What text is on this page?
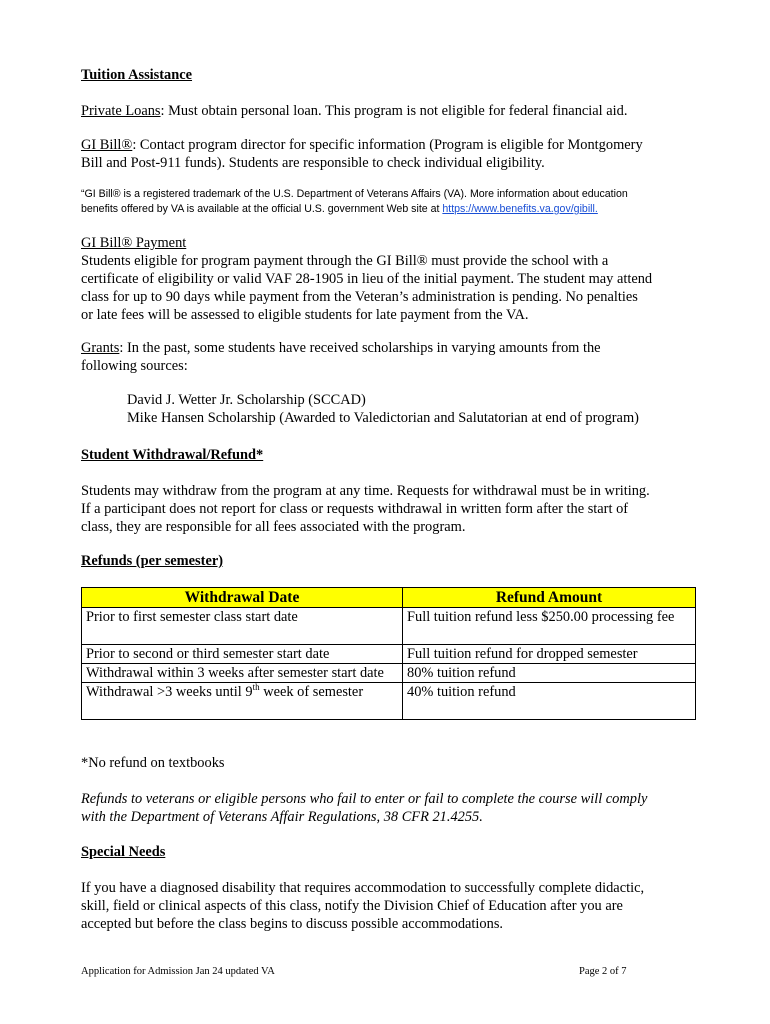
Tuition Assistance
Private Loans: Must obtain personal loan. This program is not eligible for federal financial aid.
GI Bill®: Contact program director for specific information (Program is eligible for Montgomery
Bill and Post-911 funds). Students are responsible to check individual eligibility.
“GI Bill® is a registered trademark of the U.S. Department of Veterans Affairs (VA). More information about education
benefits offered by VA is available at the official U.S. government Web site at https://www.benefits.va.gov/gibill.
GI Bill® Payment
Students eligible for program payment through the GI Bill® must provide the school with a
certificate of eligibility or valid VAF 28-1905 in lieu of the initial payment. The student may attend
class for up to 90 days while payment from the Veteran’s administration is pending. No penalties
or late fees will be assessed to eligible students for late payment from the VA.
Grants: In the past, some students have received scholarships in varying amounts from the
following sources:
David J. Wetter Jr. Scholarship (SCCAD)
Mike Hansen Scholarship (Awarded to Valedictorian and Salutatorian at end of program)
Student Withdrawal/Refund*
Students may withdraw from the program at any time. Requests for withdrawal must be in writing.
If a participant does not report for class or requests withdrawal in written form after the start of
class, they are responsible for all fees associated with the program.
Refunds (per semester)
Withdrawal Date	Refund Amount
Prior to first semester class start date	Full tuition refund less $250.00 processing fee
Prior to second or third semester start date	Full tuition refund for dropped semester
Withdrawal within 3 weeks after semester start date	80% tuition refund
Withdrawal >3 weeks until 9th week of semester	40% tuition refund
*No refund on textbooks
Refunds to veterans or eligible persons who fail to enter or fail to complete the course will comply
with the Department of Veterans Affair Regulations, 38 CFR 21.4255.
Special Needs
If you have a diagnosed disability that requires accommodation to successfully complete didactic,
skill, field or clinical aspects of this class, notify the Division Chief of Education after you are
accepted but before the class begins to discuss possible accommodations.
Application for Admission Jan 24 updated VA	Page 2 of 7
